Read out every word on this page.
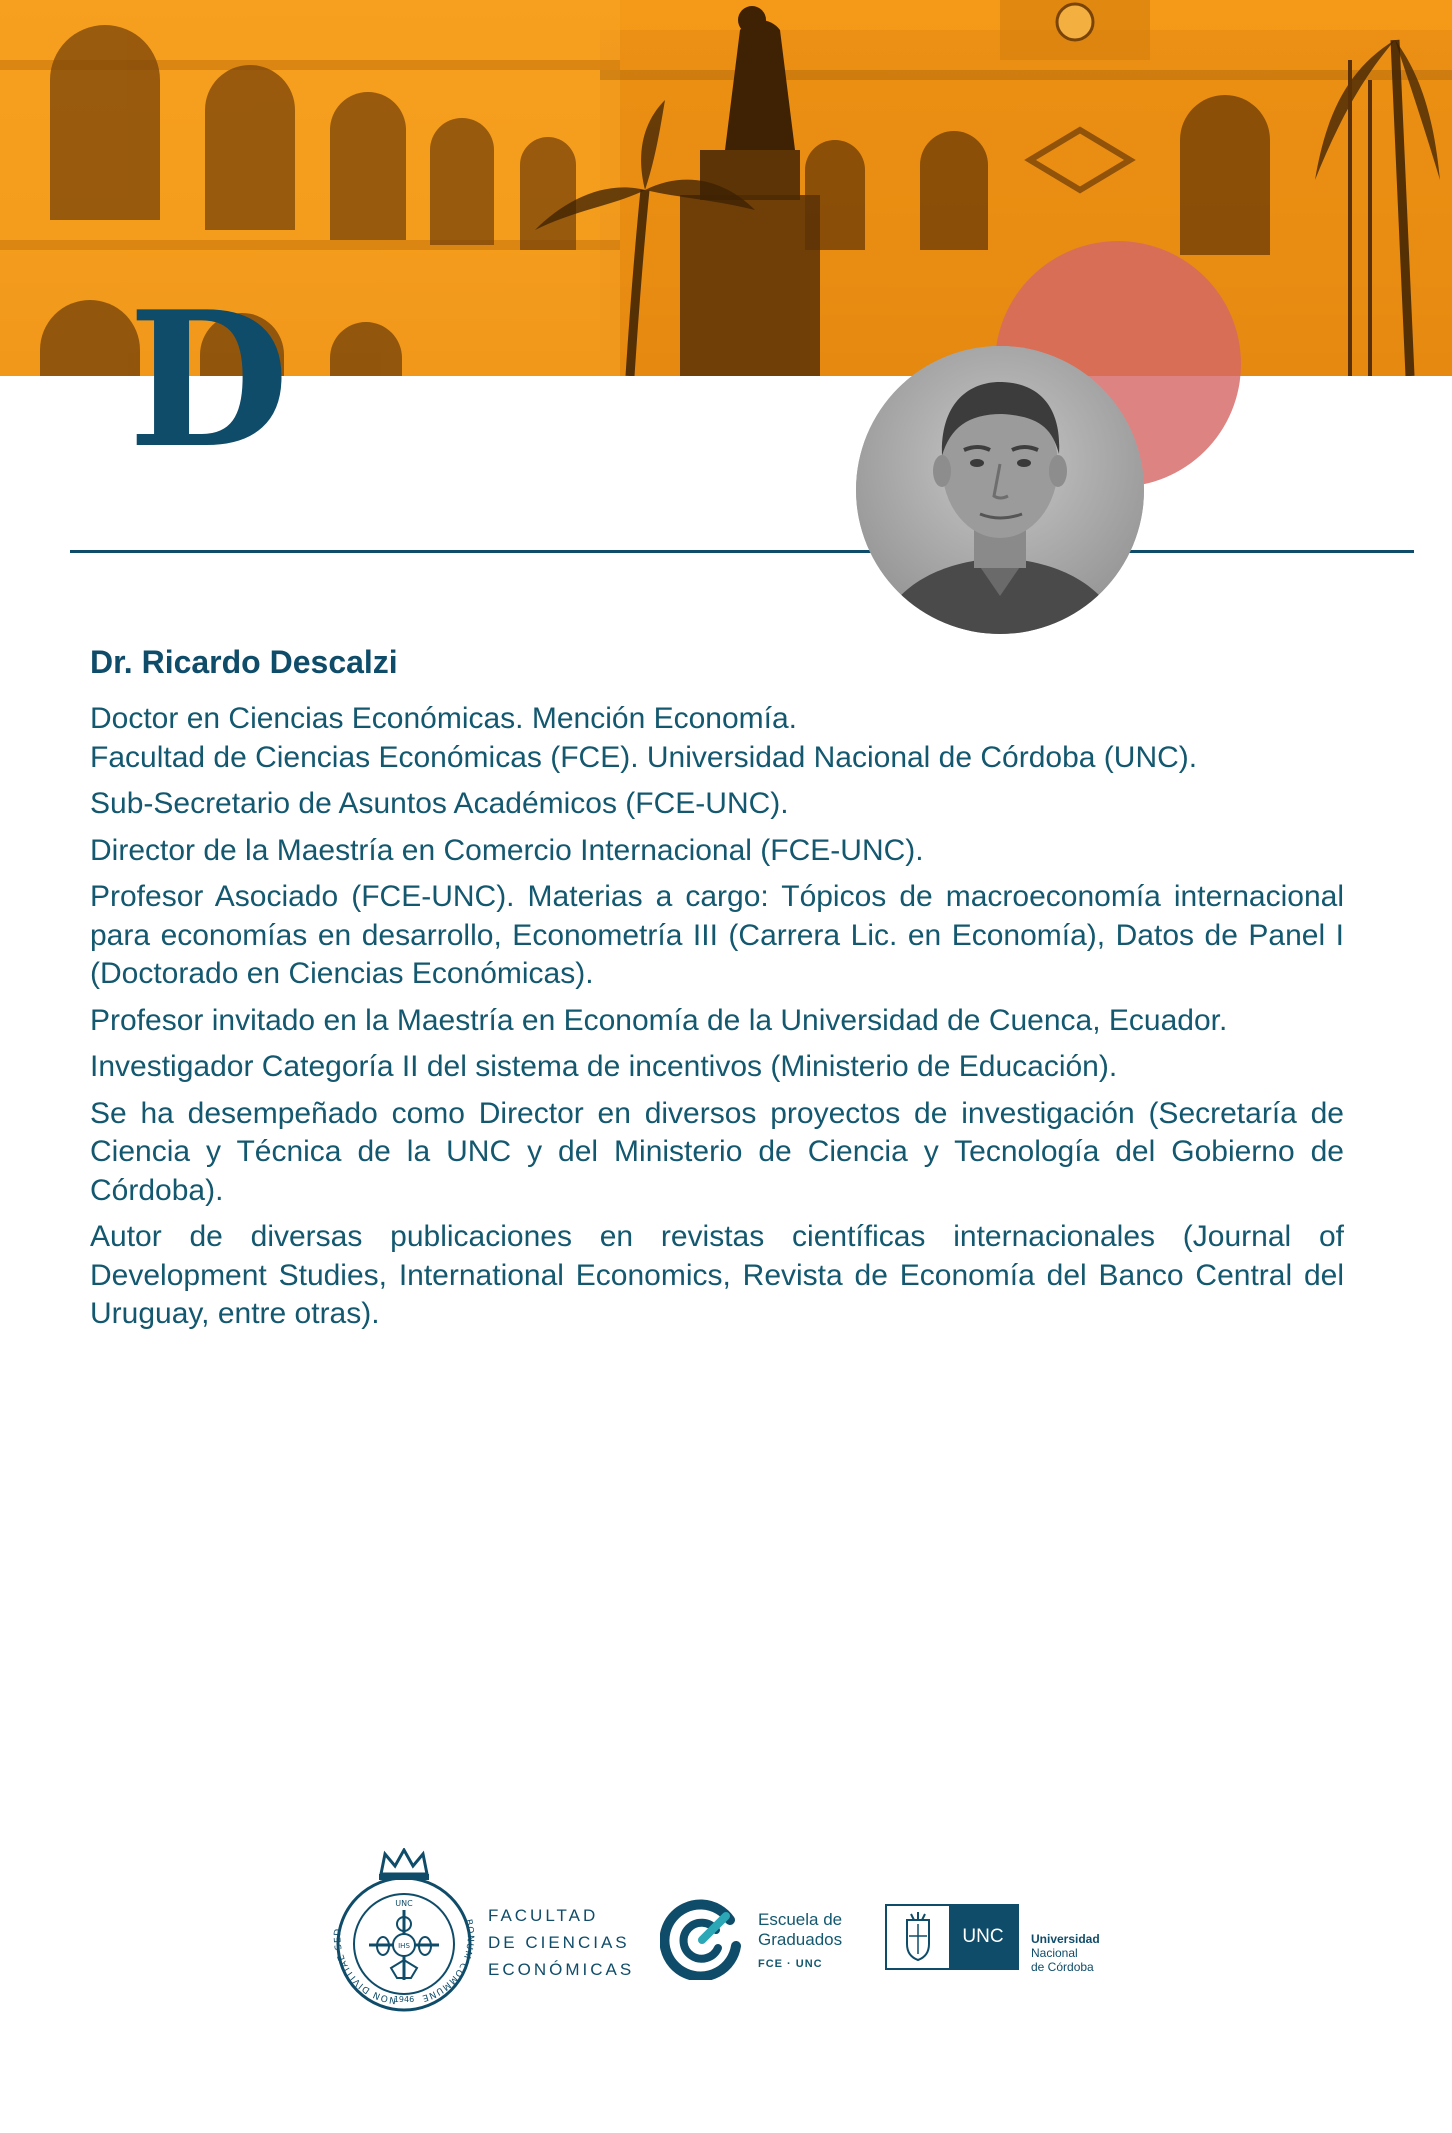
D
Dr. Ricardo Descalzi

Doctor en Ciencias Económicas. Mención Economía.
Facultad de Ciencias Económicas (FCE). Universidad Nacional de Córdoba (UNC).

Sub-Secretario de Asuntos Académicos (FCE-UNC).

Director de la Maestría en Comercio Internacional (FCE-UNC).

Profesor Asociado (FCE-UNC). Materias a cargo: Tópicos de macroeconomía internacional para economías en desarrollo, Econometría III (Carrera Lic. en Economía), Datos de Panel I (Doctorado en Ciencias Económicas).

Profesor invitado en la Maestría en Economía de la Universidad de Cuenca, Ecuador.

Investigador Categoría II del sistema de incentivos (Ministerio de Educación).

Se ha desempeñado como Director en diversos proyectos de investigación (Secretaría de Ciencia y Técnica de la UNC y del Ministerio de Ciencia y Tecnología del Gobierno de Córdoba).

Autor de diversas publicaciones en revistas científicas internacionales (Journal of Development Studies, International Economics, Revista de Economía del Banco Central del Uruguay, entre otras).

NON DIVITIAE SED
BONUM COMMUNE
UNC
IHS
1946
FACULTAD
DE CIENCIAS
ECONÓMICAS
Escuela de
Graduados
FCE · UNC
UNC	Universidad
Nacional
de Córdoba
